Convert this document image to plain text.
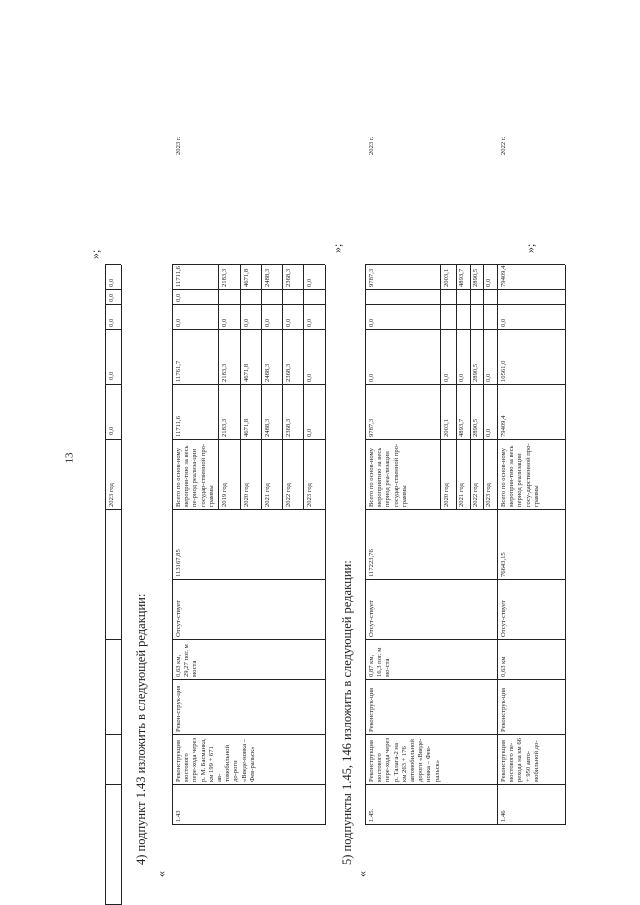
13
2023 год
0,0
0,0
0,0
0,0
0,0
»;
«
4) подпункт 1.43 изложить в следующей редакции:	1.43
Реконструкция мостового пере-хода через р. М. Басманка, км 199 + 671 ав-томобильной до-роги «Введе-новка – Фев-ральск»
Рекон-струк-ция
0,63 км, 29,27 пог. м моста
Отсут-ствует
113167,85
Всего по основ-ному мероприя-тию за весь пе-риод реализа-ции государ-ственной про-граммы
11711,6
11761,7
0,0
0,0
11711,6
2019 год
2183,3
2183,3
0,0
2183,3
2020 год
4671,8
4671,8
0,0
4671,8
2021 год
2488,3
2488,3
0,0
2488,3
2022 год
2368,3
2368,3
0,0
2368,3
2023 год
0,0
0,0
0,0
0,0
2023 г.
»;
«
5) подпункты 1.45, 146 изложить в следующей редакции: 1.45.
Реконструкция мостового пере-хода через р. Талага-2 на км 263 + 176 автомобильной дороги «Введе-новка – Фев-ральск»
Реконструк-ция
0,87 км, 16,3 пог. м мо-ста
Отсут-ствует
117223,76
Всего по основ-ному мероприятию за весь период реа-лизации государ-ственной про-граммы
9787,3
0,0
0,0
9787,3
2020 год
2003,1
0,0
2003,1
2021 год
4893,7
0,0
4893,7
2022 год
2890,5
2890,5
2890,5
2023 год
0,0
0,0
0,0
2023 г.
1.46
Реконструкция мостового пе-рехода на км 66 + 950 авто-мобильной до-
Реконструк-ция
0,63 км
Отсут-ствует
76643,15
Всего по основ-ному мероприя-тию за весь период реализации госу-дарственной про-граммы
79409,4
10561,0
0,0
79409,4
2022 г.
»;
